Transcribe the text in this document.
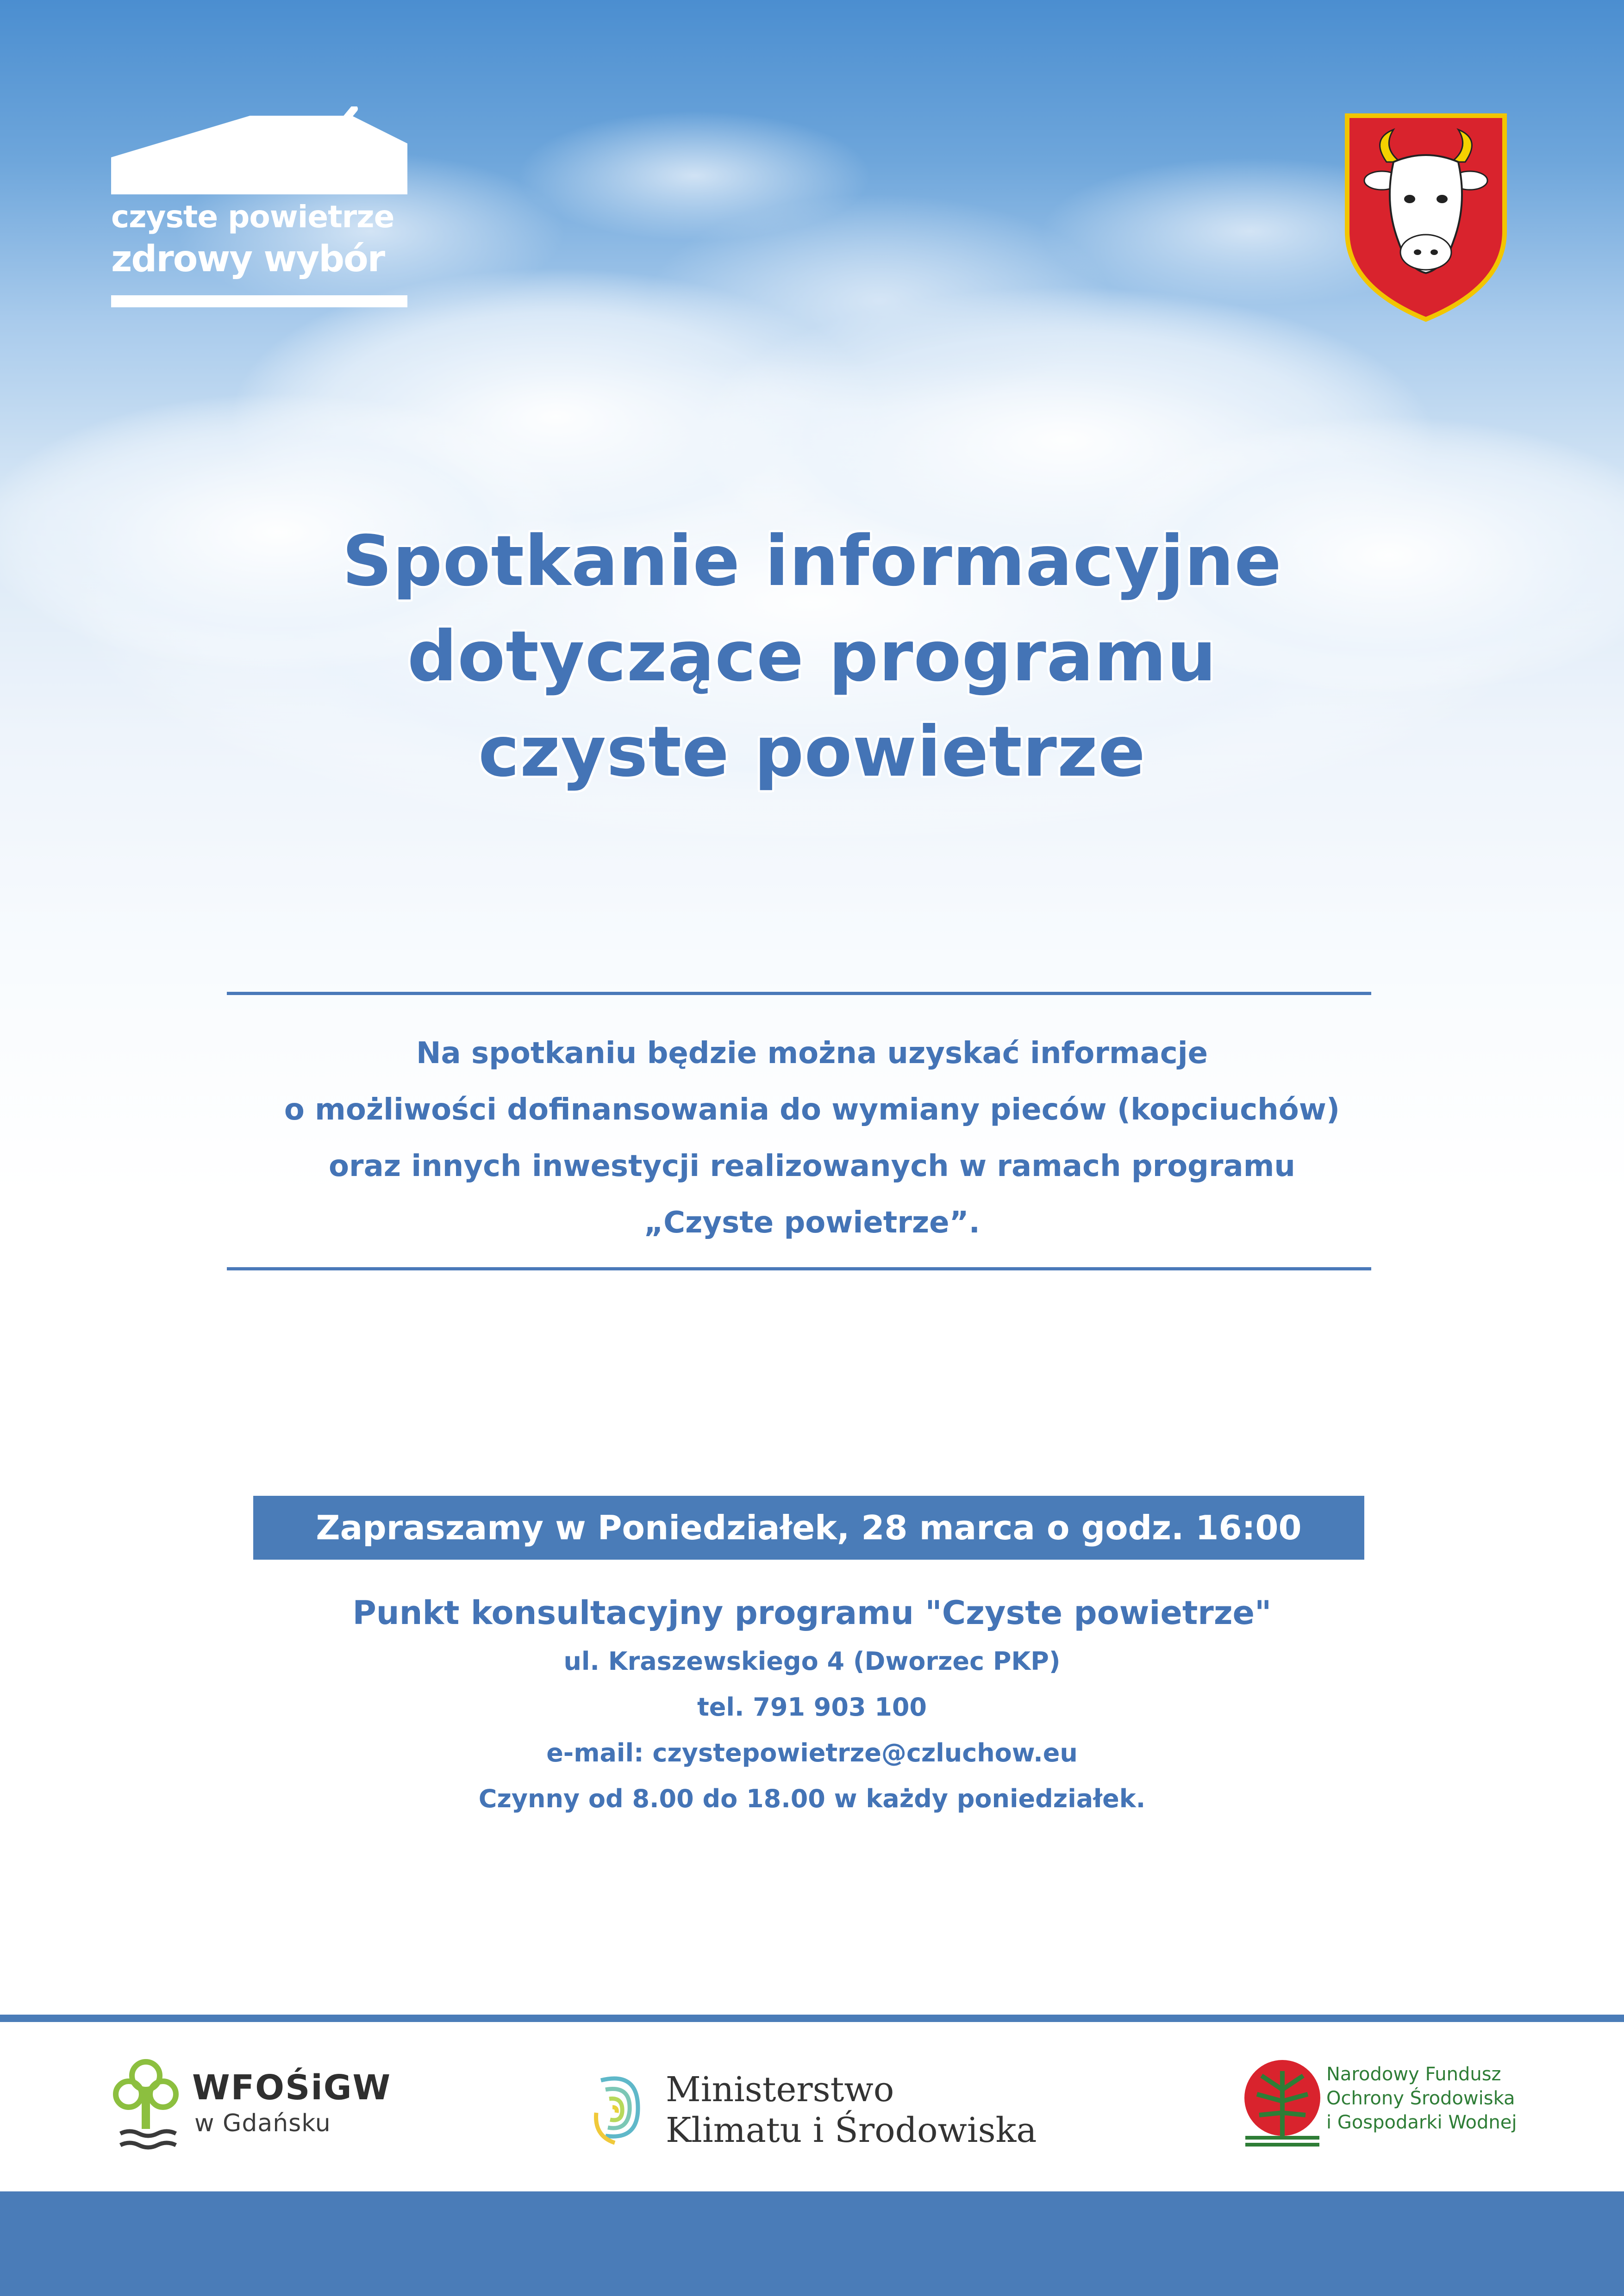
czyste powietrze
zdrowy wybór
Spotkanie informacyjne
dotyczące programu
czyste powietrze
Na spotkaniu będzie można uzyskać informacje
o możliwości dofinansowania do wymiany pieców (kopciuchów)
oraz innych inwestycji realizowanych w ramach programu
„Czyste powietrze”.
Zapraszamy w Poniedziałek, 28 marca o godz. 16:00
Punkt konsultacyjny programu "Czyste powietrze"
ul. Kraszewskiego 4 (Dworzec PKP)
tel. 791 903 100
e-mail: czystepowietrze@czluchow.eu
Czynny od 8.00 do 18.00 w każdy poniedziałek.
WFOŚiGW
w Gdańsku
Ministerstwo
Klimatu i Środowiska
Narodowy Fundusz
Ochrony Środowiska
i Gospodarki Wodnej
